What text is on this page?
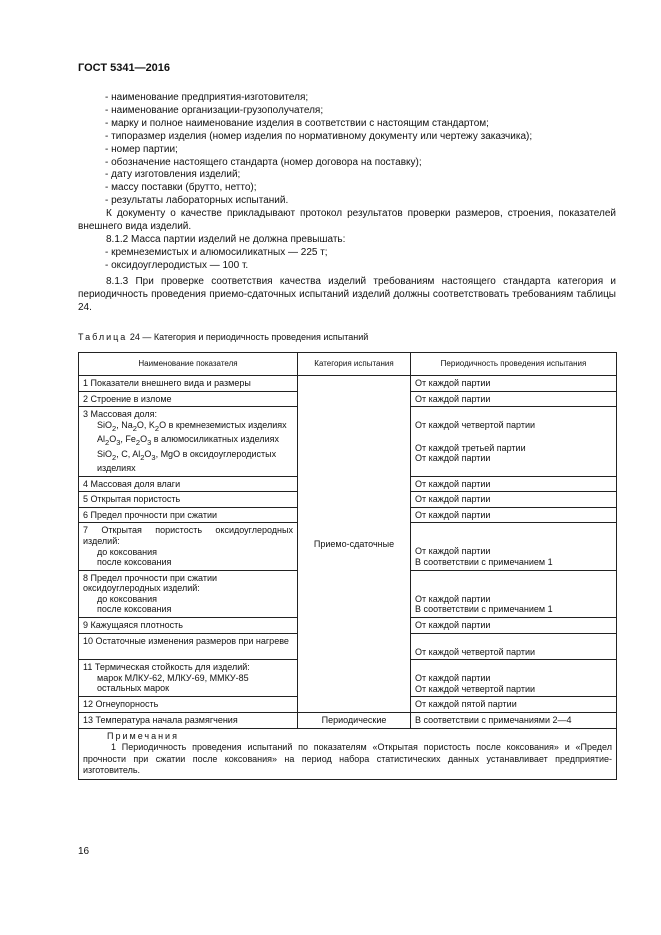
ГОСТ 5341—2016
- наименование предприятия-изготовителя;
- наименование организации-грузополучателя;
- марку и полное наименование изделия в соответствии с настоящим стандартом;
- типоразмер изделия (номер изделия по нормативному документу или чертежу заказчика);
- номер партии;
- обозначение настоящего стандарта (номер договора на поставку);
- дату изготовления изделий;
- массу поставки (брутто, нетто);
- результаты лабораторных испытаний.
К документу о качестве прикладывают протокол результатов проверки размеров, строения, показателей внешнего вида изделий.
8.1.2 Масса партии изделий не должна превышать:
- кремнеземистых и алюмосиликатных — 225 т;
- оксидоуглеродистых — 100 т.
8.1.3 При проверке соответствия качества изделий требованиям настоящего стандарта категория и периодичность проведения приемо-сдаточных испытаний изделий должны соответствовать требованиям таблицы 24.
Таблица 24 — Категория и периодичность проведения испытаний
Наименование показателя	Категория испытания	Периодичность проведения испытания
1 Показатели внешнего вида и размеры	Приемо-сдаточные	От каждой партии
2 Строение в изломе		От каждой партии

3 Массовая доля:
SiO$_2$, $Na_2O$, $K_2O$ в кремнеземистых изделиях
$Al_2O_3$, $Fe_2O_3$ в алюмосиликатных изделиях
SiO$_2$, C, $Al_2O_3$, MgO в оксидоуглеродистых изделиях		От каждой четвертой партии
От каждой третьей партии
От каждой партии

4 Массовая доля влаги		От каждой партии
5 Открытая пористость		От каждой партии
6 Предел прочности при сжатии		От каждой партии

7 Открытая пористость оксидоуглеродных изделий:
до коксования
после коксования		От каждой партии
В соответствии с примечанием 1

8 Предел прочности при сжатии оксидоуглеродных изделий:
до коксования
после коксования		От каждой партии
В соответствии с примечанием 1

9 Кажущаяся плотность		От каждой партии
10 Остаточные изменения размеров при нагреве		От каждой четвертой партии

11 Термическая стойкость для изделий:
марок МЛКУ-62, МЛКУ-69, ММКУ-85
остальных марок		От каждой партии
От каждой четвертой партии

12 Огнеупорность		От каждой пятой партии
13 Температура начала размягчения	Периодические	В соответствии с примечаниями 2—4

Примечания
1 Периодичность проведения испытаний по показателям «Открытая пористость после коксования» и «Предел прочности при сжатии после коксования» на период набора статистических данных устанавливает предприятие-изготовитель.		
16
